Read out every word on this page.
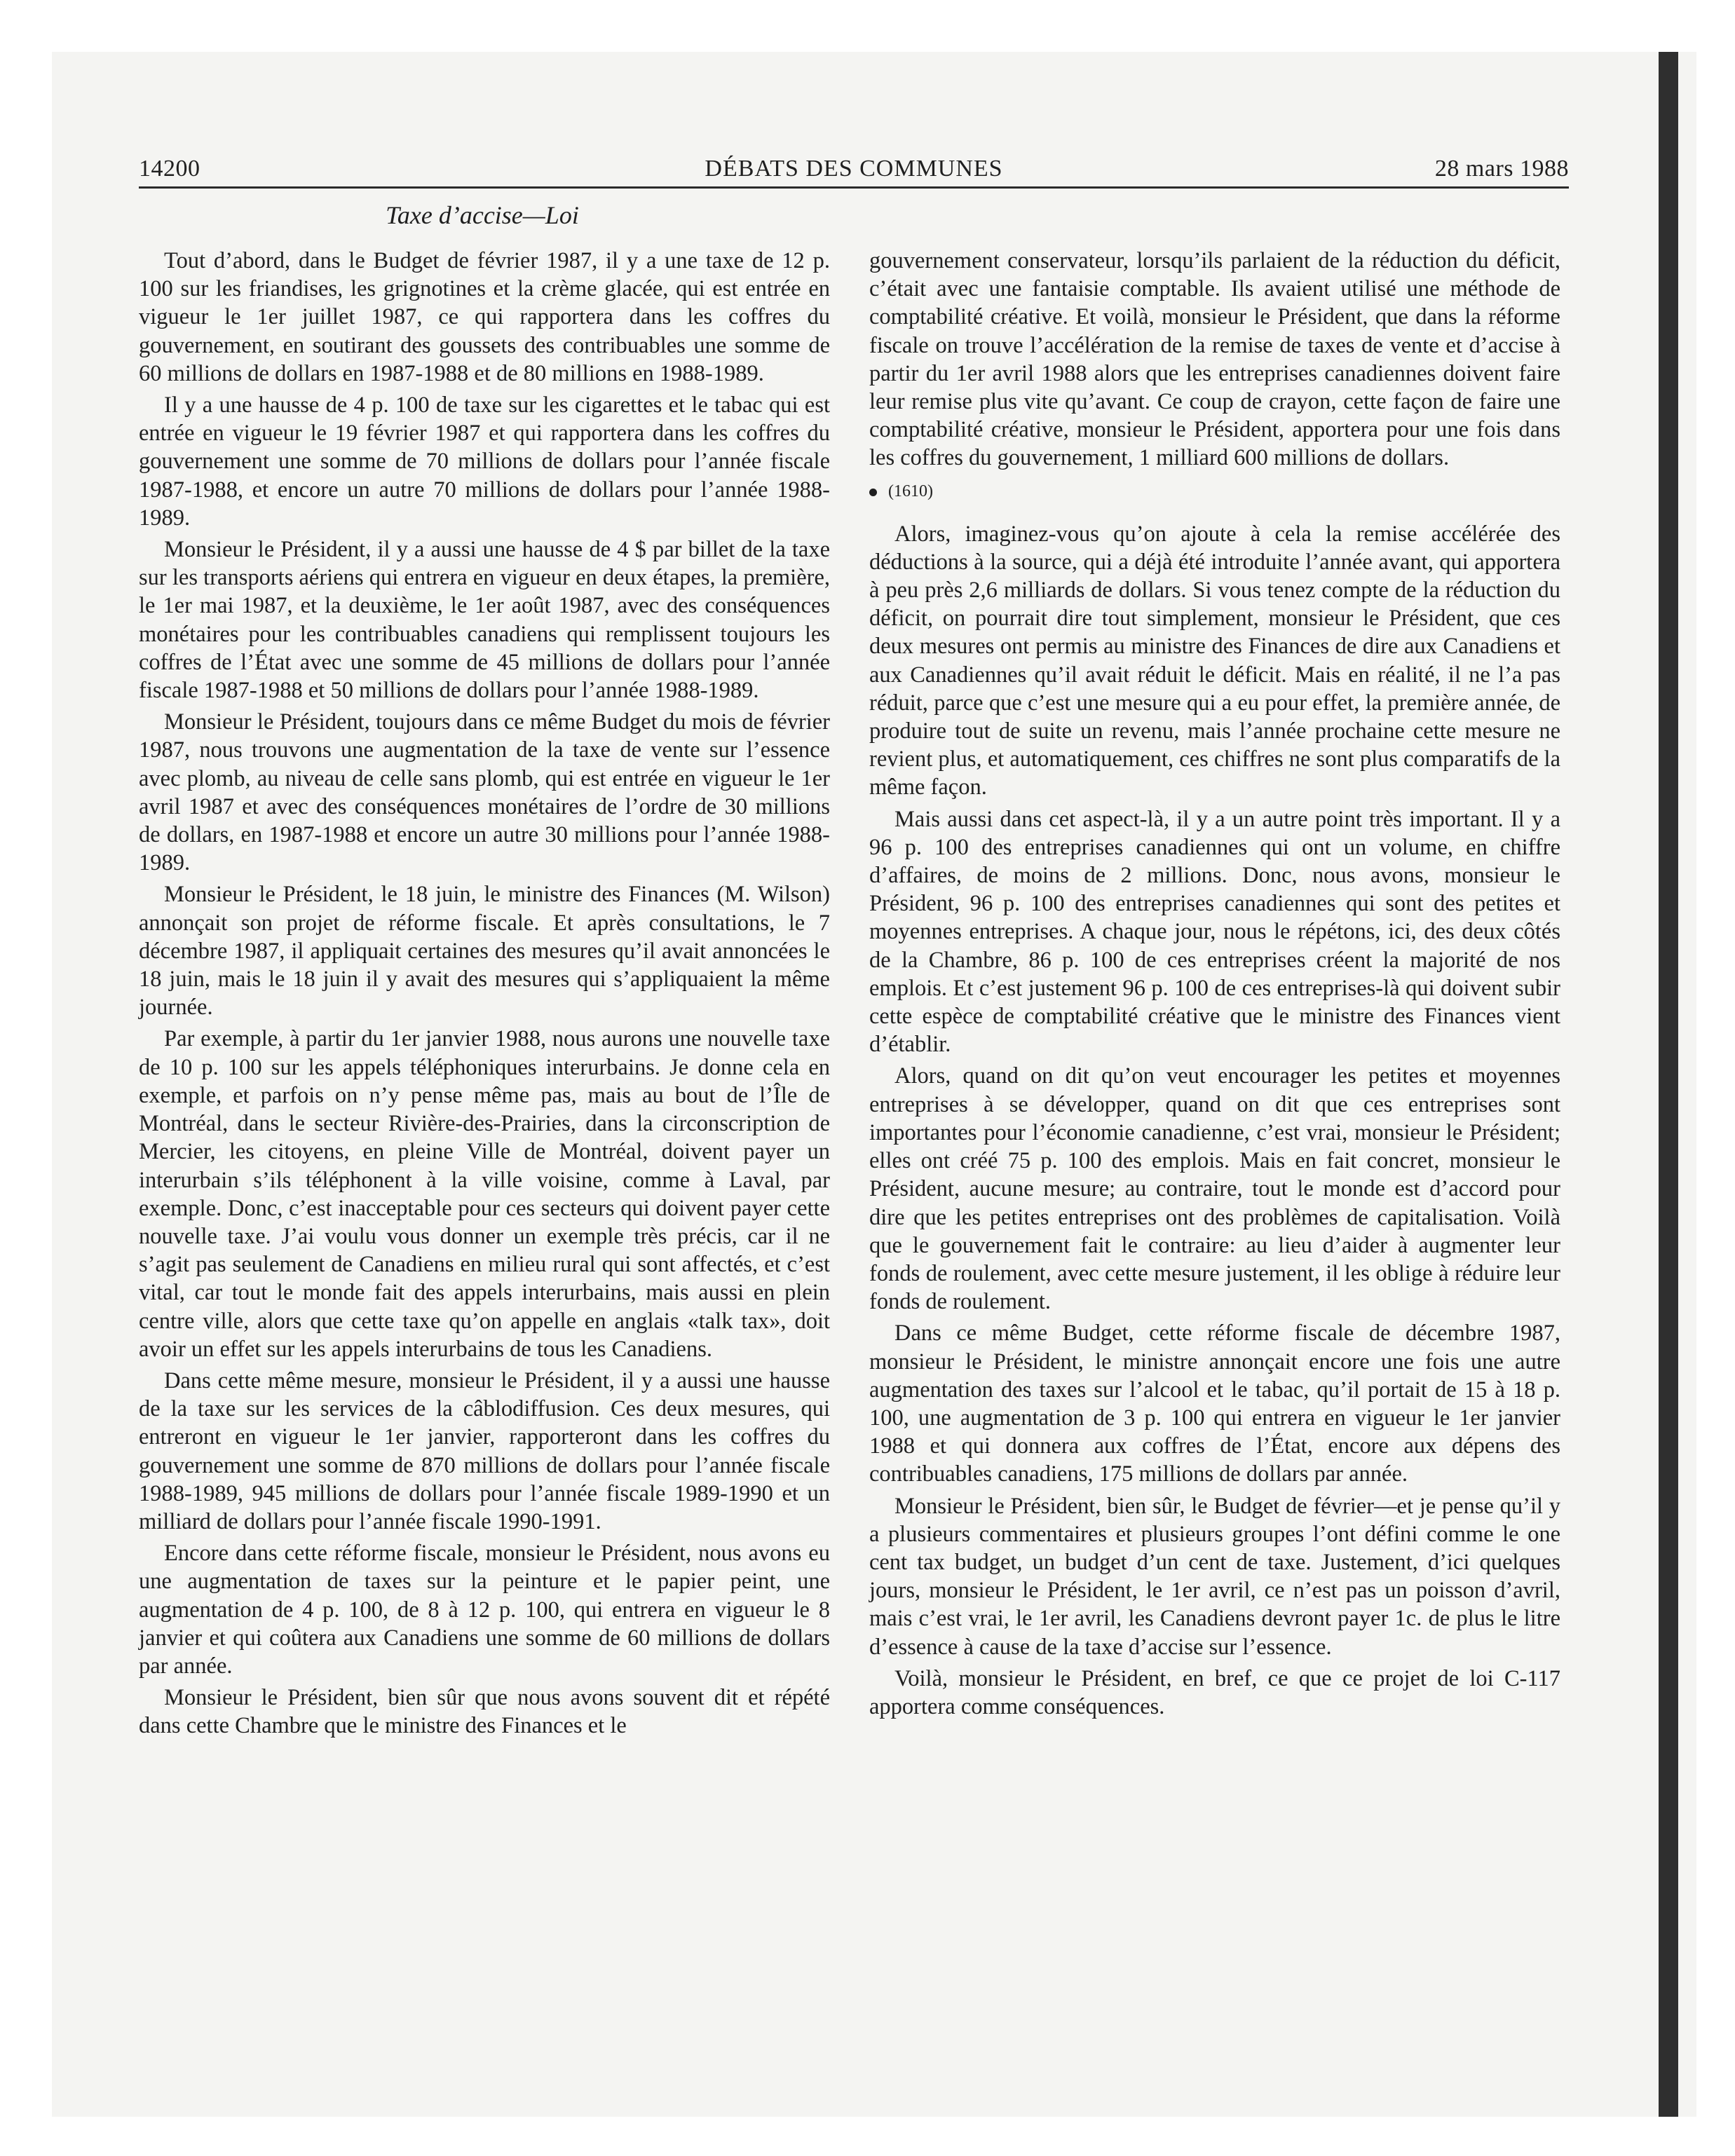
14200	DÉBATS DES COMMUNES	28 mars 1988
Taxe d’accise—Loi

Tout d’abord, dans le Budget de février 1987, il y a une taxe de 12 p. 100 sur les friandises, les grignotines et la crème glacée, qui est entrée en vigueur le 1er juillet 1987, ce qui rapportera dans les coffres du gouvernement, en soutirant des goussets des contribuables une somme de 60 millions de dollars en 1987-1988 et de 80 millions en 1988-1989.

Il y a une hausse de 4 p. 100 de taxe sur les cigarettes et le tabac qui est entrée en vigueur le 19 février 1987 et qui rapportera dans les coffres du gouvernement une somme de 70 millions de dollars pour l’année fiscale 1987-1988, et encore un autre 70 millions de dollars pour l’année 1988-1989.

Monsieur le Président, il y a aussi une hausse de 4 $ par billet de la taxe sur les transports aériens qui entrera en vigueur en deux étapes, la première, le 1er mai 1987, et la deuxième, le 1er août 1987, avec des conséquences monétaires pour les contribuables canadiens qui remplissent toujours les coffres de l’État avec une somme de 45 millions de dollars pour l’année fiscale 1987-1988 et 50 millions de dollars pour l’année 1988-1989.

Monsieur le Président, toujours dans ce même Budget du mois de février 1987, nous trouvons une augmentation de la taxe de vente sur l’essence avec plomb, au niveau de celle sans plomb, qui est entrée en vigueur le 1er avril 1987 et avec des conséquences monétaires de l’ordre de 30 millions de dollars, en 1987-1988 et encore un autre 30 millions pour l’année 1988-1989.

Monsieur le Président, le 18 juin, le ministre des Finances (M. Wilson) annonçait son projet de réforme fiscale. Et après consultations, le 7 décembre 1987, il appliquait certaines des mesures qu’il avait annoncées le 18 juin, mais le 18 juin il y avait des mesures qui s’appliquaient la même journée.

Par exemple, à partir du 1er janvier 1988, nous aurons une nouvelle taxe de 10 p. 100 sur les appels téléphoniques interurbains. Je donne cela en exemple, et parfois on n’y pense même pas, mais au bout de l’Île de Montréal, dans le secteur Rivière-des-Prairies, dans la circonscription de Mercier, les citoyens, en pleine Ville de Montréal, doivent payer un interurbain s’ils téléphonent à la ville voisine, comme à Laval, par exemple. Donc, c’est inacceptable pour ces secteurs qui doivent payer cette nouvelle taxe. J’ai voulu vous donner un exemple très précis, car il ne s’agit pas seulement de Canadiens en milieu rural qui sont affectés, et c’est vital, car tout le monde fait des appels interurbains, mais aussi en plein centre ville, alors que cette taxe qu’on appelle en anglais «talk tax», doit avoir un effet sur les appels interurbains de tous les Canadiens.

Dans cette même mesure, monsieur le Président, il y a aussi une hausse de la taxe sur les services de la câblodiffusion. Ces deux mesures, qui entreront en vigueur le 1er janvier, rapporteront dans les coffres du gouvernement une somme de 870 millions de dollars pour l’année fiscale 1988-1989, 945 millions de dollars pour l’année fiscale 1989-1990 et un milliard de dollars pour l’année fiscale 1990-1991.

Encore dans cette réforme fiscale, monsieur le Président, nous avons eu une augmentation de taxes sur la peinture et le papier peint, une augmentation de 4 p. 100, de 8 à 12 p. 100, qui entrera en vigueur le 8 janvier et qui coûtera aux Canadiens une somme de 60 millions de dollars par année.

Monsieur le Président, bien sûr que nous avons souvent dit et répété dans cette Chambre que le ministre des Finances et le

gouvernement conservateur, lorsqu’ils parlaient de la réduction du déficit, c’était avec une fantaisie comptable. Ils avaient utilisé une méthode de comptabilité créative. Et voilà, monsieur le Président, que dans la réforme fiscale on trouve l’accélération de la remise de taxes de vente et d’accise à partir du 1er avril 1988 alors que les entreprises canadiennes doivent faire leur remise plus vite qu’avant. Ce coup de crayon, cette façon de faire une comptabilité créative, monsieur le Président, apportera pour une fois dans les coffres du gouvernement, 1 milliard 600 millions de dollars.

(1610)

Alors, imaginez-vous qu’on ajoute à cela la remise accélérée des déductions à la source, qui a déjà été introduite l’année avant, qui apportera à peu près 2,6 milliards de dollars. Si vous tenez compte de la réduction du déficit, on pourrait dire tout simplement, monsieur le Président, que ces deux mesures ont permis au ministre des Finances de dire aux Canadiens et aux Canadiennes qu’il avait réduit le déficit. Mais en réalité, il ne l’a pas réduit, parce que c’est une mesure qui a eu pour effet, la première année, de produire tout de suite un revenu, mais l’année prochaine cette mesure ne revient plus, et automatiquement, ces chiffres ne sont plus comparatifs de la même façon.

Mais aussi dans cet aspect-là, il y a un autre point très important. Il y a 96 p. 100 des entreprises canadiennes qui ont un volume, en chiffre d’affaires, de moins de 2 millions. Donc, nous avons, monsieur le Président, 96 p. 100 des entreprises canadiennes qui sont des petites et moyennes entreprises. A chaque jour, nous le répétons, ici, des deux côtés de la Chambre, 86 p. 100 de ces entreprises créent la majorité de nos emplois. Et c’est justement 96 p. 100 de ces entreprises-là qui doivent subir cette espèce de comptabilité créative que le ministre des Finances vient d’établir.

Alors, quand on dit qu’on veut encourager les petites et moyennes entreprises à se développer, quand on dit que ces entreprises sont importantes pour l’économie canadienne, c’est vrai, monsieur le Président; elles ont créé 75 p. 100 des emplois. Mais en fait concret, monsieur le Président, aucune mesure; au contraire, tout le monde est d’accord pour dire que les petites entreprises ont des problèmes de capitalisation. Voilà que le gouvernement fait le contraire: au lieu d’aider à augmenter leur fonds de roulement, avec cette mesure justement, il les oblige à réduire leur fonds de roulement.

Dans ce même Budget, cette réforme fiscale de décembre 1987, monsieur le Président, le ministre annonçait encore une fois une autre augmentation des taxes sur l’alcool et le tabac, qu’il portait de 15 à 18 p. 100, une augmentation de 3 p. 100 qui entrera en vigueur le 1er janvier 1988 et qui donnera aux coffres de l’État, encore aux dépens des contribuables canadiens, 175 millions de dollars par année.

Monsieur le Président, bien sûr, le Budget de février—et je pense qu’il y a plusieurs commentaires et plusieurs groupes l’ont défini comme le one cent tax budget, un budget d’un cent de taxe. Justement, d’ici quelques jours, monsieur le Président, le 1er avril, ce n’est pas un poisson d’avril, mais c’est vrai, le 1er avril, les Canadiens devront payer 1c. de plus le litre d’essence à cause de la taxe d’accise sur l’essence.

Voilà, monsieur le Président, en bref, ce que ce projet de loi C-117 apportera comme conséquences.
